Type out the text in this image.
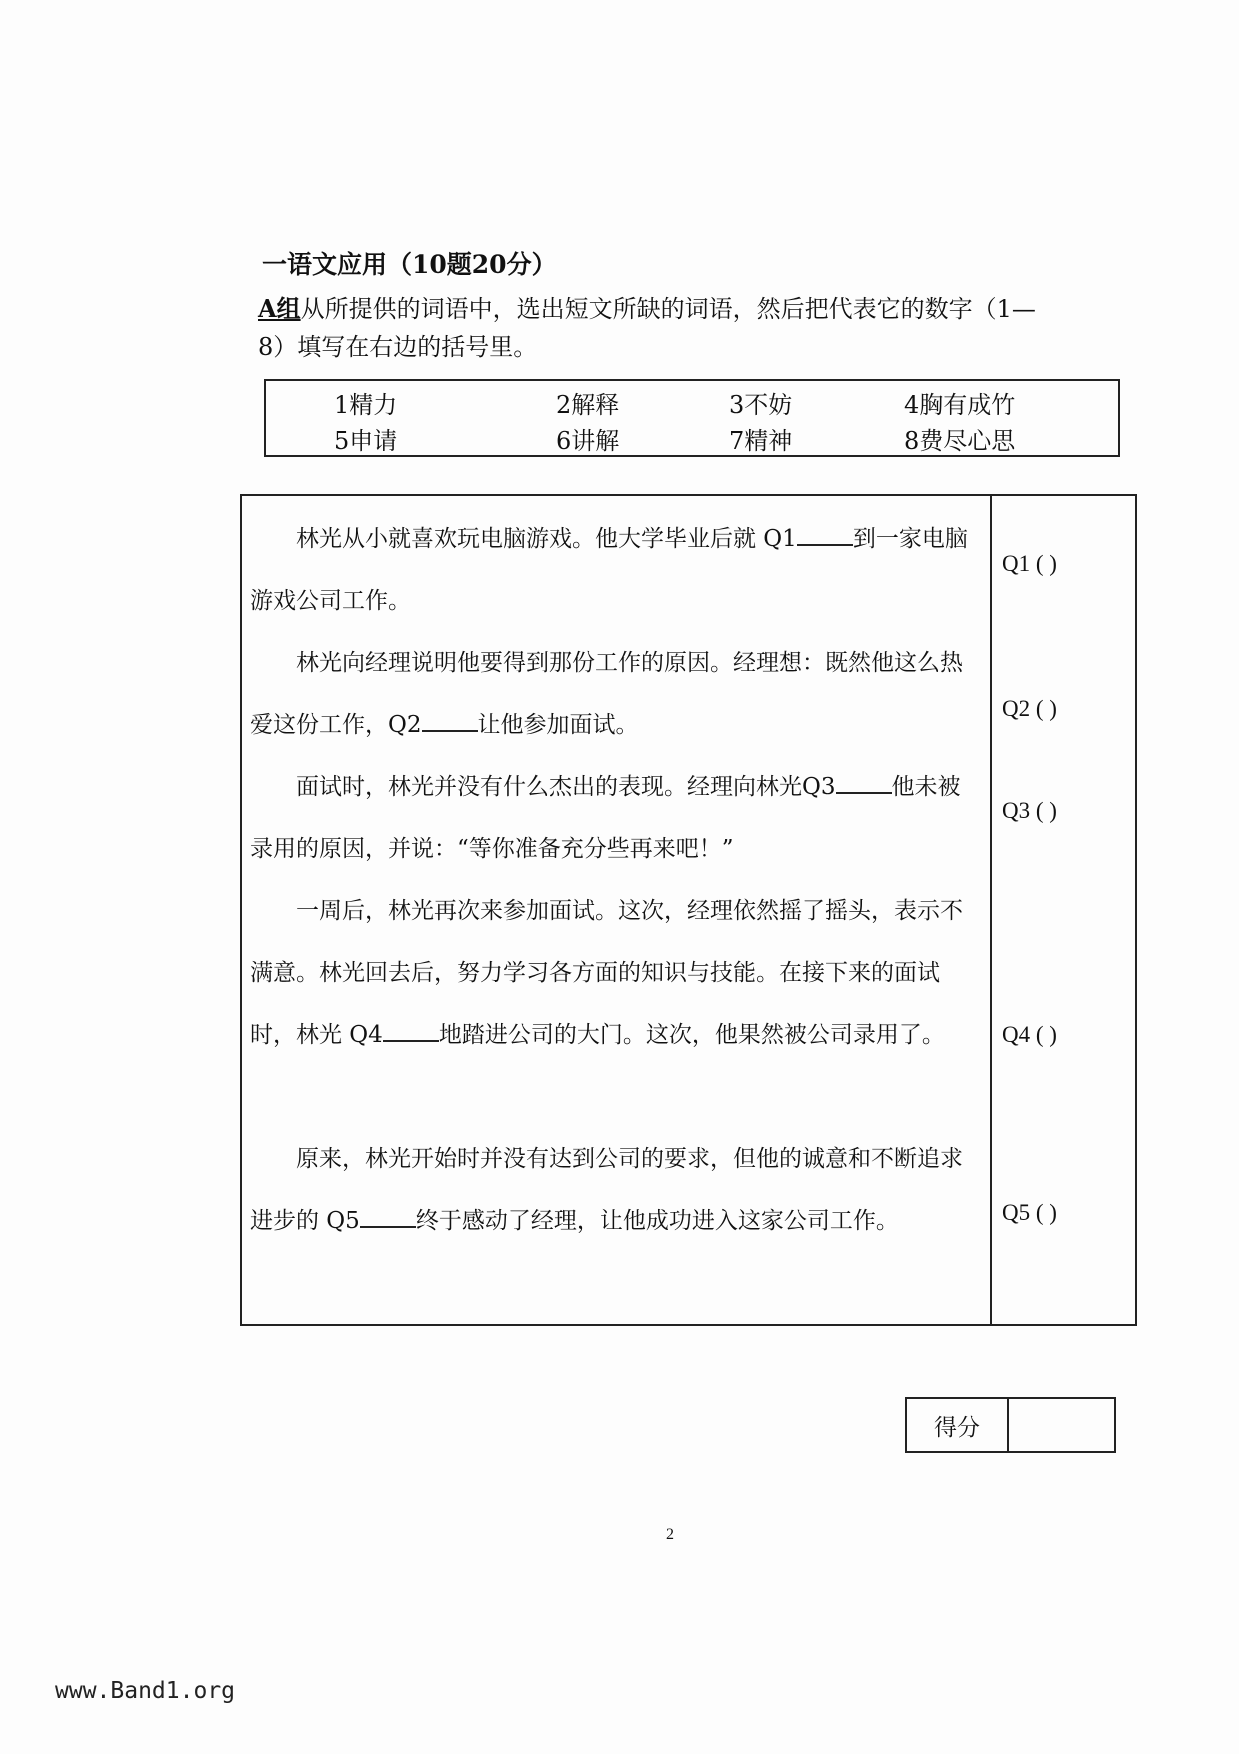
一语文应用（10题20分）
A组从所提供的词语中，选出短文所缺的词语，然后把代表它的数字（1—8）填写在右边的括号里。
1精力	2解释	3不妨	4胸有成竹
5申请	6讲解	7精神	8费尽心思

林光从小就喜欢玩电脑游戏。他大学毕业后就 Q1 到一家电脑游戏公司工作。

林光向经理说明他要得到那份工作的原因。经理想：既然他这么热爱这份工作，Q2 让他参加面试。

面试时，林光并没有什么杰出的表现。经理向林光Q3 他未被录用的原因，并说：“等你准备充分些再来吧！”

一周后，林光再次来参加面试。这次，经理依然摇了摇头，表示不满意。林光回去后，努力学习各方面的知识与技能。在接下来的面试时，林光 Q4 地踏进公司的大门。这次，他果然被公司录用了。

原来，林光开始时并没有达到公司的要求，但他的诚意和不断追求进步的 Q5 终于感动了经理，让他成功进入这家公司工作。

Q1 ( )
Q2 ( )
Q3 ( )
Q4 ( )
Q5 ( )
得分
2
www.Band1.org
